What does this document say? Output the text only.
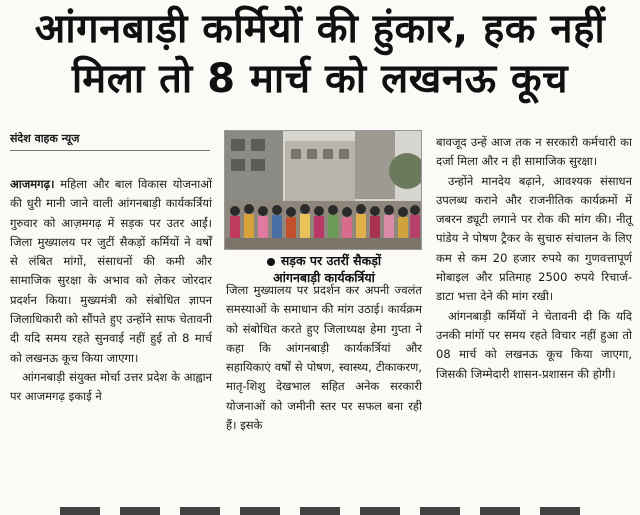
आंगनबाड़ी कर्मियों की हुंकार, हक नहीं
मिला तो 8 मार्च को लखनऊ कूच
संदेश वाहक न्यूज

आजमगढ़। महिला और बाल विकास योजनाओं की धुरी मानी जाने वाली आंगनबाड़ी कार्यकर्त्रियां गुरुवार को आज़मगढ़ में सड़क पर उतर आईं। जिला मुख्यालय पर जुटीं सैकड़ों कर्मियों ने वर्षों से लंबित मांगों, संसाधनों की कमी और सामाजिक सुरक्षा के अभाव को लेकर जोरदार प्रदर्शन किया। मुख्यमंत्री को संबोधित ज्ञापन जिलाधिकारी को सौंपते हुए उन्होंने साफ चेतावनी दी यदि समय रहते सुनवाई नहीं हुई तो 8 मार्च को लखनऊ कूच किया जाएगा।

आंगनबाड़ी संयुक्त मोर्चा उत्तर प्रदेश के आह्वान पर आजमगढ़ इकाई ने

सड़क पर उतरीं सैकड़ों
आंगनबाड़ी कार्यकर्त्रियां

जिला मुख्यालय पर प्रदर्शन कर अपनी ज्वलंत समस्याओं के समाधान की मांग उठाई। कार्यक्रम को संबोधित करते हुए जिलाध्यक्ष हेमा गुप्ता ने कहा कि आंगनबाड़ी कार्यकर्त्रियां और सहायिकाएं वर्षों से पोषण, स्वास्थ्य, टीकाकरण, मातृ-शिशु देखभाल सहित अनेक सरकारी योजनाओं को जमीनी स्तर पर सफल बना रही हैं। इसके

बावजूद उन्हें आज तक न सरकारी कर्मचारी का दर्जा मिला और न ही सामाजिक सुरक्षा।

उन्होंने मानदेय बढ़ाने, आवश्यक संसाधन उपलब्ध कराने और राजनीतिक कार्यक्रमों में जबरन ड्यूटी लगाने पर रोक की मांग की। नीतू पांडेय ने पोषण ट्रैकर के सुचारु संचालन के लिए कम से कम 20 हजार रुपये का गुणवत्तापूर्ण मोबाइल और प्रतिमाह 2500 रुपये रिचार्ज-डाटा भत्ता देने की मांग रखी।

आंगनबाड़ी कर्मियों ने चेतावनी दी कि यदि उनकी मांगों पर समय रहते विचार नहीं हुआ तो 08 मार्च को लखनऊ कूच किया जाएगा, जिसकी जिम्मेदारी शासन-प्रशासन की होगी।
